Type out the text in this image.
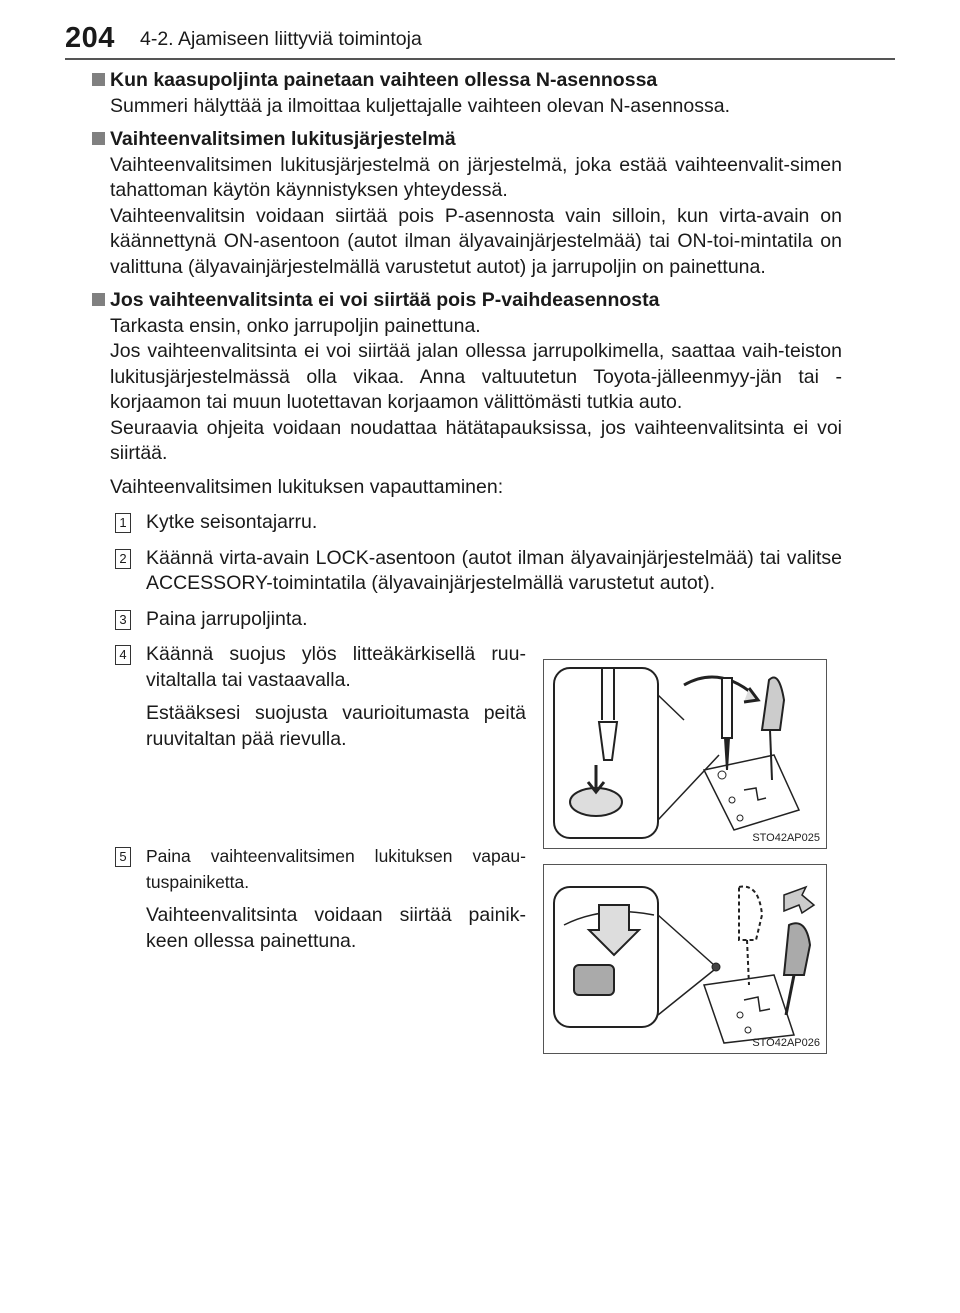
204 4-2. Ajamiseen liittyviä toimintoja
Kun kaasupoljinta painetaan vaihteen ollessa N-asennossa
Summeri hälyttää ja ilmoittaa kuljettajalle vaihteen olevan N-asennossa.
Vaihteenvalitsimen lukitusjärjestelmä
Vaihteenvalitsimen lukitusjärjestelmä on järjestelmä, joka estää vaihteenvalit-simen tahattoman käytön käynnistyksen yhteydessä.
Vaihteenvalitsin voidaan siirtää pois P-asennosta vain silloin, kun virta-avain on käännettynä ON-asentoon (autot ilman älyavainjärjestelmää) tai ON-toi-mintatila on valittuna (älyavainjärjestelmällä varustetut autot) ja jarrupoljin on painettuna.
Jos vaihteenvalitsinta ei voi siirtää pois P-vaihdeasennosta
Tarkasta ensin, onko jarrupoljin painettuna.
Jos vaihteenvalitsinta ei voi siirtää jalan ollessa jarrupolkimella, saattaa vaih-teiston lukitusjärjestelmässä olla vikaa. Anna valtuutetun Toyota-jälleenmyy-jän tai -korjaamon tai muun luotettavan korjaamon välittömästi tutkia auto.
Seuraavia ohjeita voidaan noudattaa hätätapauksissa, jos vaihteenvalitsinta ei voi siirtää.
Vaihteenvalitsimen lukituksen vapauttaminen:
1 Kytke seisontajarru.
2 Käännä virta-avain LOCK-asentoon (autot ilman älyavainjärjestelmää) tai valitse ACCESSORY-toimintatila (älyavainjärjestelmällä varustetut autot).
3 Paina jarrupoljinta.
4 Käännä suojus ylös litteäkärkisellä ruu-vitaltalla tai vastaavalla.
Estääksesi suojusta vaurioitumasta peitä ruuvitaltan pää rievulla.
5 Paina vaihteenvalitsimen lukituksen vapau-tuspainiketta.
Vaihteenvalitsinta voidaan siirtää painik-keen ollessa painettuna.
STO42AP025
STO42AP026
